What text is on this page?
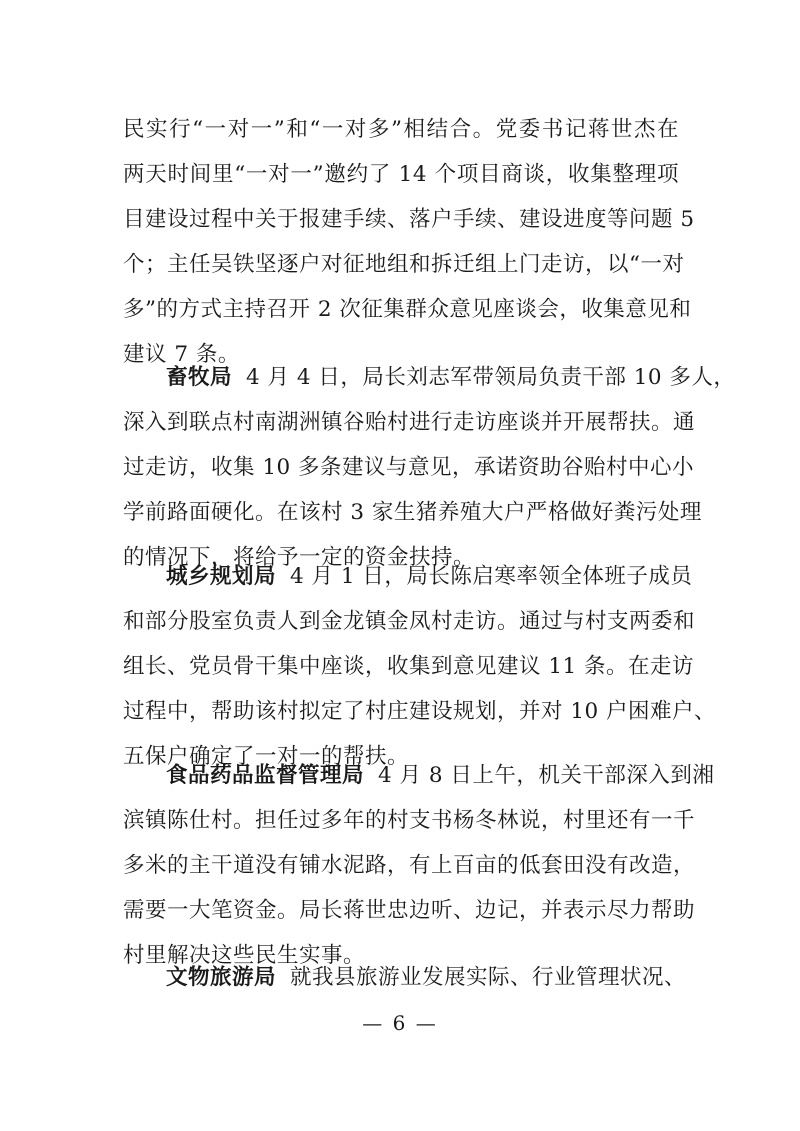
民实行“一对一”和“一对多”相结合。党委书记蒋世杰在
两天时间里“一对一”邀约了 14 个项目商谈，收集整理项
目建设过程中关于报建手续、落户手续、建设进度等问题 5
个；主任吴铁坚逐户对征地组和拆迁组上门走访，以“一对
多”的方式主持召开 2 次征集群众意见座谈会，收集意见和
建议 7 条。
畜牧局 4 月 4 日，局长刘志军带领局负责干部 10 多人，
深入到联点村南湖洲镇谷贻村进行走访座谈并开展帮扶。通
过走访，收集 10 多条建议与意见，承诺资助谷贻村中心小
学前路面硬化。在该村 3 家生猪养殖大户严格做好粪污处理
的情况下，将给予一定的资金扶持。
城乡规划局 4 月 1 日，局长陈启寒率领全体班子成员
和部分股室负责人到金龙镇金凤村走访。通过与村支两委和
组长、党员骨干集中座谈，收集到意见建议 11 条。在走访
过程中，帮助该村拟定了村庄建设规划，并对 10 户困难户、
五保户确定了一对一的帮扶。
食品药品监督管理局 4 月 8 日上午，机关干部深入到湘
滨镇陈仕村。担任过多年的村支书杨冬林说，村里还有一千
多米的主干道没有铺水泥路，有上百亩的低套田没有改造，
需要一大笔资金。局长蒋世忠边听、边记，并表示尽力帮助
村里解决这些民生实事。
文物旅游局 就我县旅游业发展实际、行业管理状况、
— 6 —
